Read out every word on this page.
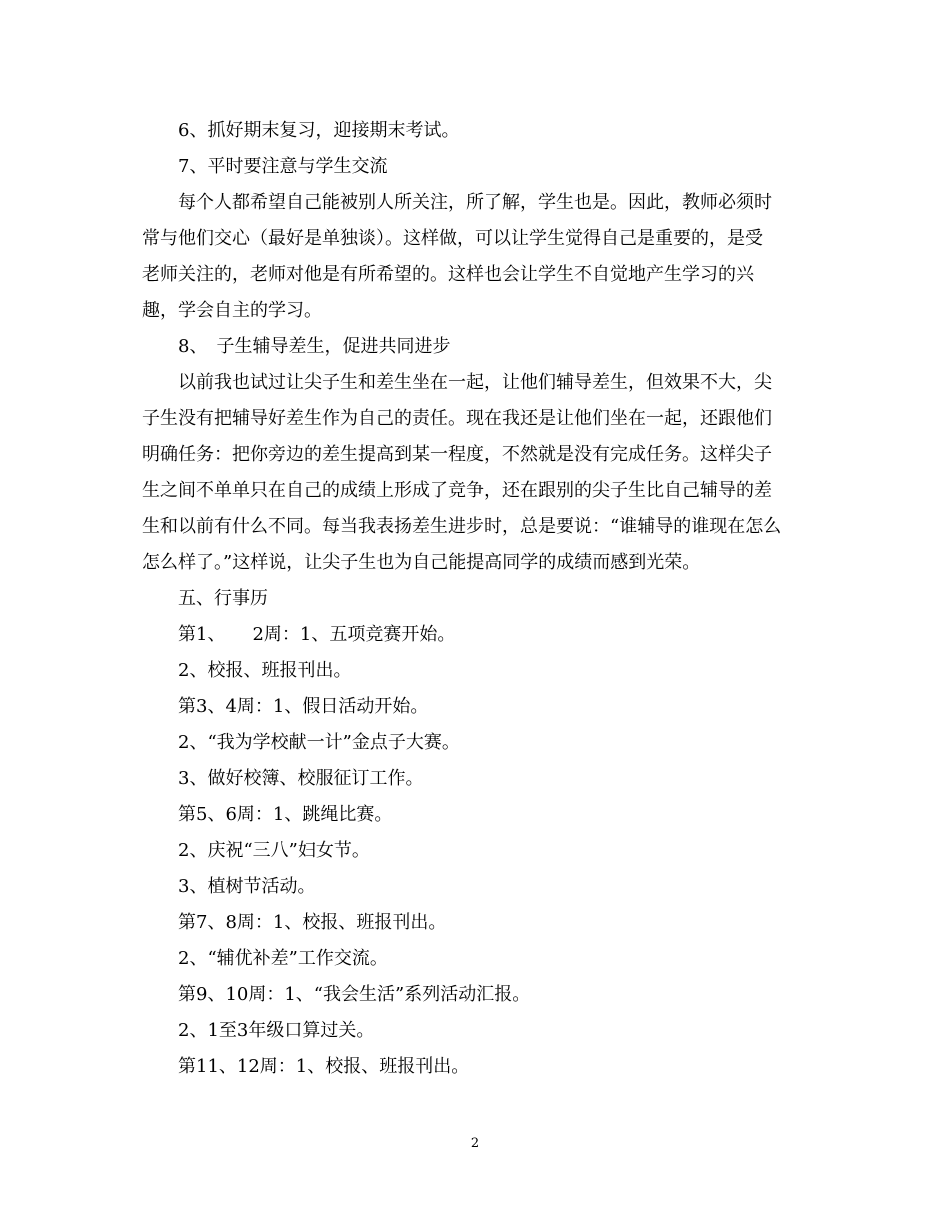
6、抓好期末复习，迎接期末考试。
7、平时要注意与学生交流
每个人都希望自己能被别人所关注，所了解，学生也是。因此，教师必须时
常与他们交心（最好是单独谈）。这样做，可以让学生觉得自己是重要的，是受
老师关注的，老师对他是有所希望的。这样也会让学生不自觉地产生学习的兴
趣，学会自主的学习。
8、　子生辅导差生，促进共同进步
以前我也试过让尖子生和差生坐在一起，让他们辅导差生，但效果不大，尖
子生没有把辅导好差生作为自己的责任。现在我还是让他们坐在一起，还跟他们
明确任务：把你旁边的差生提高到某一程度，不然就是没有完成任务。这样尖子
生之间不单单只在自己的成绩上形成了竞争，还在跟别的尖子生比自己辅导的差
生和以前有什么不同。每当我表扬差生进步时，总是要说：“谁辅导的谁现在怎么
怎么样了。”这样说，让尖子生也为自己能提高同学的成绩而感到光荣。
五、行事历
第1、　　2周：1、五项竞赛开始。
2、校报、班报刊出。
第3、4周：1、假日活动开始。
2、“我为学校献一计”金点子大赛。
3、做好校簿、校服征订工作。
第5、6周：1、跳绳比赛。
2、庆祝“三八”妇女节。
3、植树节活动。
第7、8周：1、校报、班报刊出。
2、“辅优补差”工作交流。
第9、10周：1、“我会生活”系列活动汇报。
2、1至3年级口算过关。
第11、12周：1、校报、班报刊出。
2
